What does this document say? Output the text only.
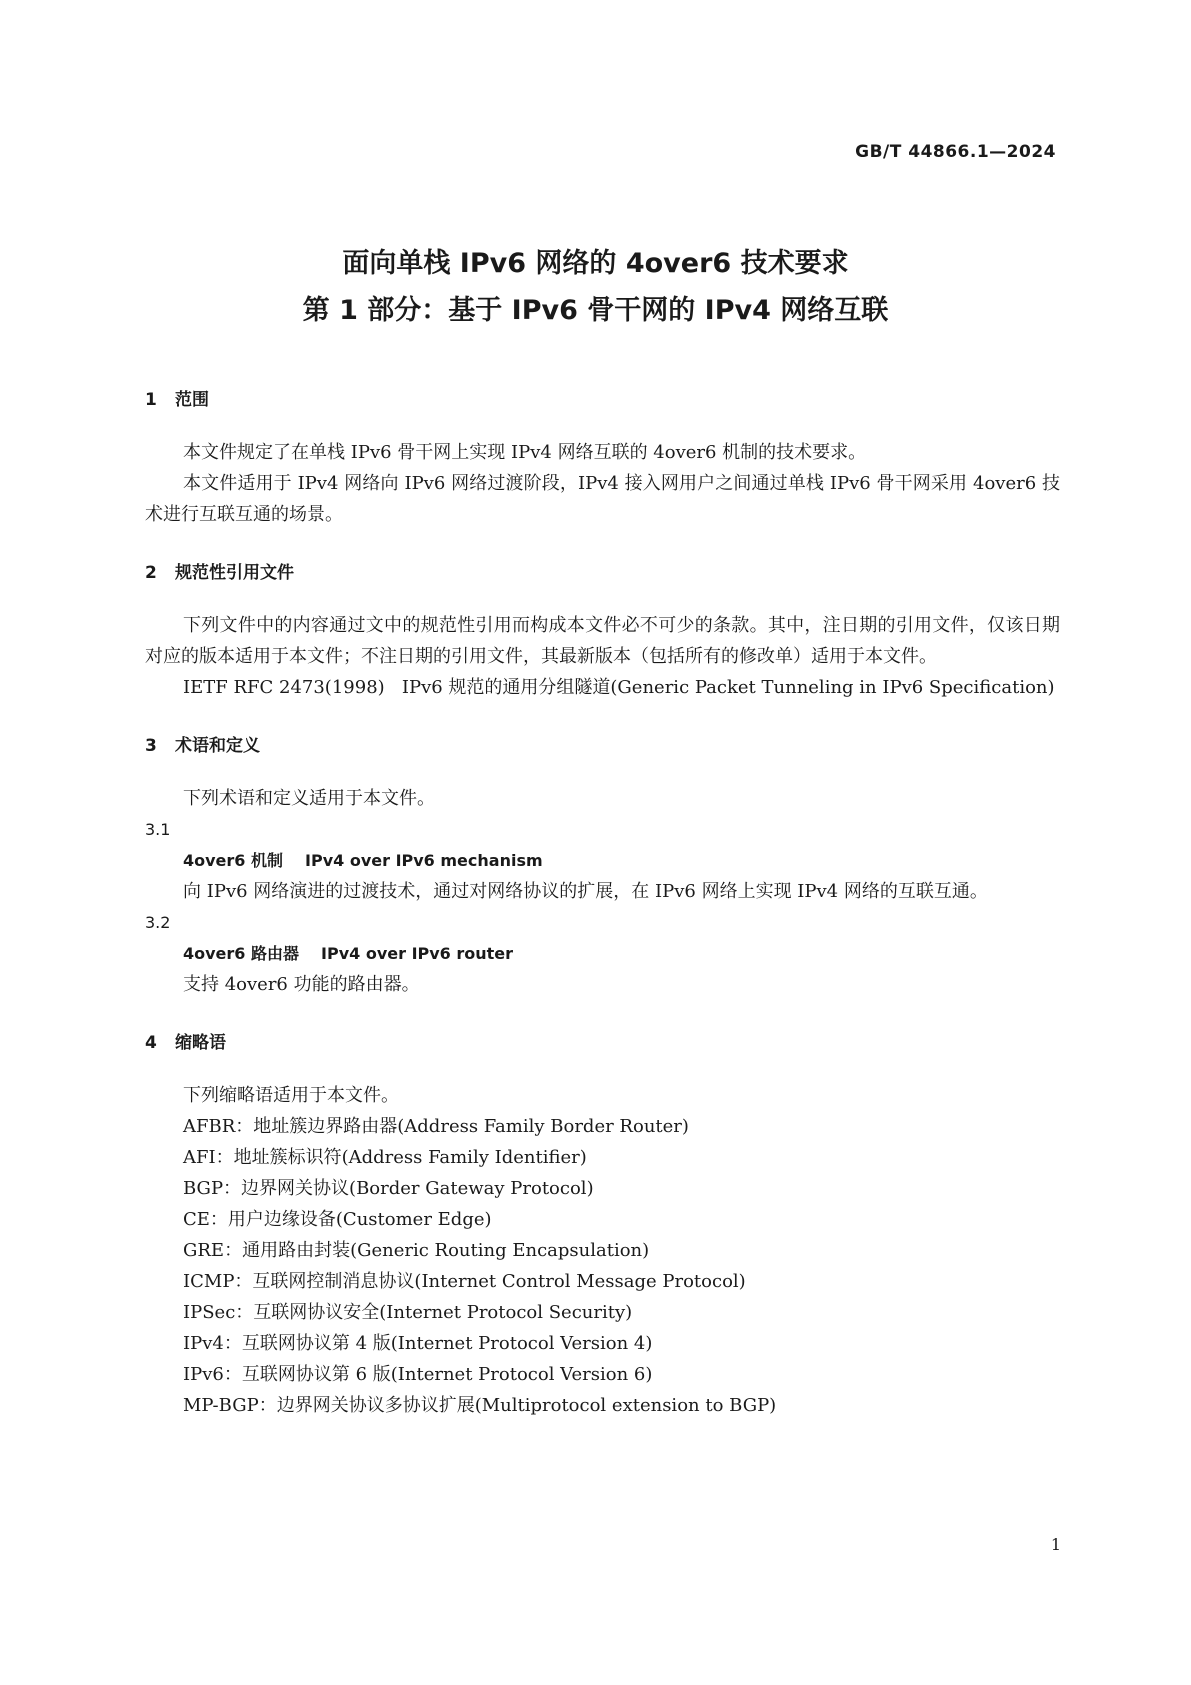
GB/T 44866.1—2024
面向单栈 IPv6 网络的 4over6 技术要求
第 1 部分：基于 IPv6 骨干网的 IPv4 网络互联
1 范围

本文件规定了在单栈 IPv6 骨干网上实现 IPv4 网络互联的 4over6 机制的技术要求。

本文件适用于 IPv4 网络向 IPv6 网络过渡阶段，IPv4 接入网用户之间通过单栈 IPv6 骨干网采用 4over6 技术进行互联互通的场景。

2 规范性引用文件

下列文件中的内容通过文中的规范性引用而构成本文件必不可少的条款。其中，注日期的引用文件，仅该日期对应的版本适用于本文件；不注日期的引用文件，其最新版本（包括所有的修改单）适用于本文件。

IETF RFC 2473(1998) IPv6 规范的通用分组隧道(Generic Packet Tunneling in IPv6 Specification)
3 术语和定义

下列术语和定义适用于本文件。

3.1

4over6 机制 IPv4 over IPv6 mechanism

向 IPv6 网络演进的过渡技术，通过对网络协议的扩展，在 IPv6 网络上实现 IPv4 网络的互联互通。

3.2

4over6 路由器 IPv4 over IPv6 router

支持 4over6 功能的路由器。

4 缩略语

下列缩略语适用于本文件。

AFBR：地址簇边界路由器(Address Family Border Router)
AFI：地址簇标识符(Address Family Identifier)
BGP：边界网关协议(Border Gateway Protocol)
CE：用户边缘设备(Customer Edge)
GRE：通用路由封装(Generic Routing Encapsulation)
ICMP：互联网控制消息协议(Internet Control Message Protocol)
IPSec：互联网协议安全(Internet Protocol Security)
IPv4：互联网协议第 4 版(Internet Protocol Version 4)
IPv6：互联网协议第 6 版(Internet Protocol Version 6)
MP-BGP：边界网关协议多协议扩展(Multiprotocol extension to BGP)
1
